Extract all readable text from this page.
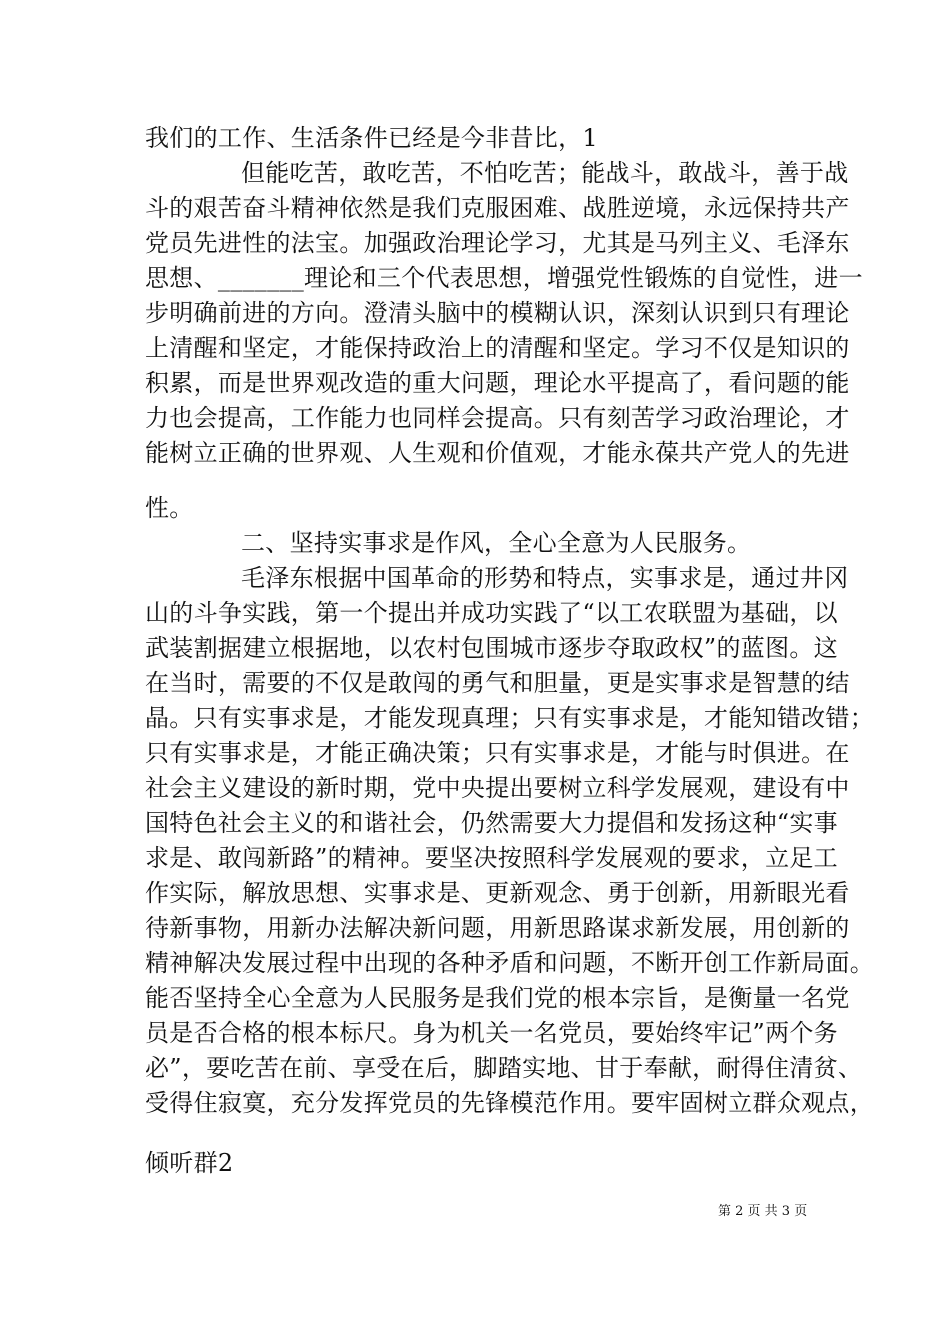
我们的工作、生活条件已经是今非昔比，1
但能吃苦，敢吃苦，不怕吃苦；能战斗，敢战斗，善于战
斗的艰苦奋斗精神依然是我们克服困难、战胜逆境，永远保持共产
党员先进性的法宝。加强政治理论学习，尤其是马列主义、毛泽东
思想、_______理论和三个代表思想，增强党性锻炼的自觉性，进一
步明确前进的方向。澄清头脑中的模糊认识，深刻认识到只有理论
上清醒和坚定，才能保持政治上的清醒和坚定。学习不仅是知识的
积累，而是世界观改造的重大问题，理论水平提高了，看问题的能
力也会提高，工作能力也同样会提高。只有刻苦学习政治理论，才
能树立正确的世界观、人生观和价值观，才能永葆共产党人的先进
性。
二、坚持实事求是作风，全心全意为人民服务。
毛泽东根据中国革命的形势和特点，实事求是，通过井冈
山的斗争实践，第一个提出并成功实践了“以工农联盟为基础，以
武装割据建立根据地，以农村包围城市逐步夺取政权”的蓝图。这
在当时，需要的不仅是敢闯的勇气和胆量，更是实事求是智慧的结
晶。只有实事求是，才能发现真理；只有实事求是，才能知错改错；
只有实事求是，才能正确决策；只有实事求是，才能与时俱进。在
社会主义建设的新时期，党中央提出要树立科学发展观，建设有中
国特色社会主义的和谐社会，仍然需要大力提倡和发扬这种“实事
求是、敢闯新路”的精神。要坚决按照科学发展观的要求，立足工
作实际，解放思想、实事求是、更新观念、勇于创新，用新眼光看
待新事物，用新办法解决新问题，用新思路谋求新发展，用创新的
精神解决发展过程中出现的各种矛盾和问题，不断开创工作新局面。
能否坚持全心全意为人民服务是我们党的根本宗旨，是衡量一名党
员是否合格的根本标尺。身为机关一名党员，要始终牢记”两个务
必”，要吃苦在前、享受在后，脚踏实地、甘于奉献，耐得住清贫、
受得住寂寞，充分发挥党员的先锋模范作用。要牢固树立群众观点，
倾听群2
第 2 页 共 3 页
